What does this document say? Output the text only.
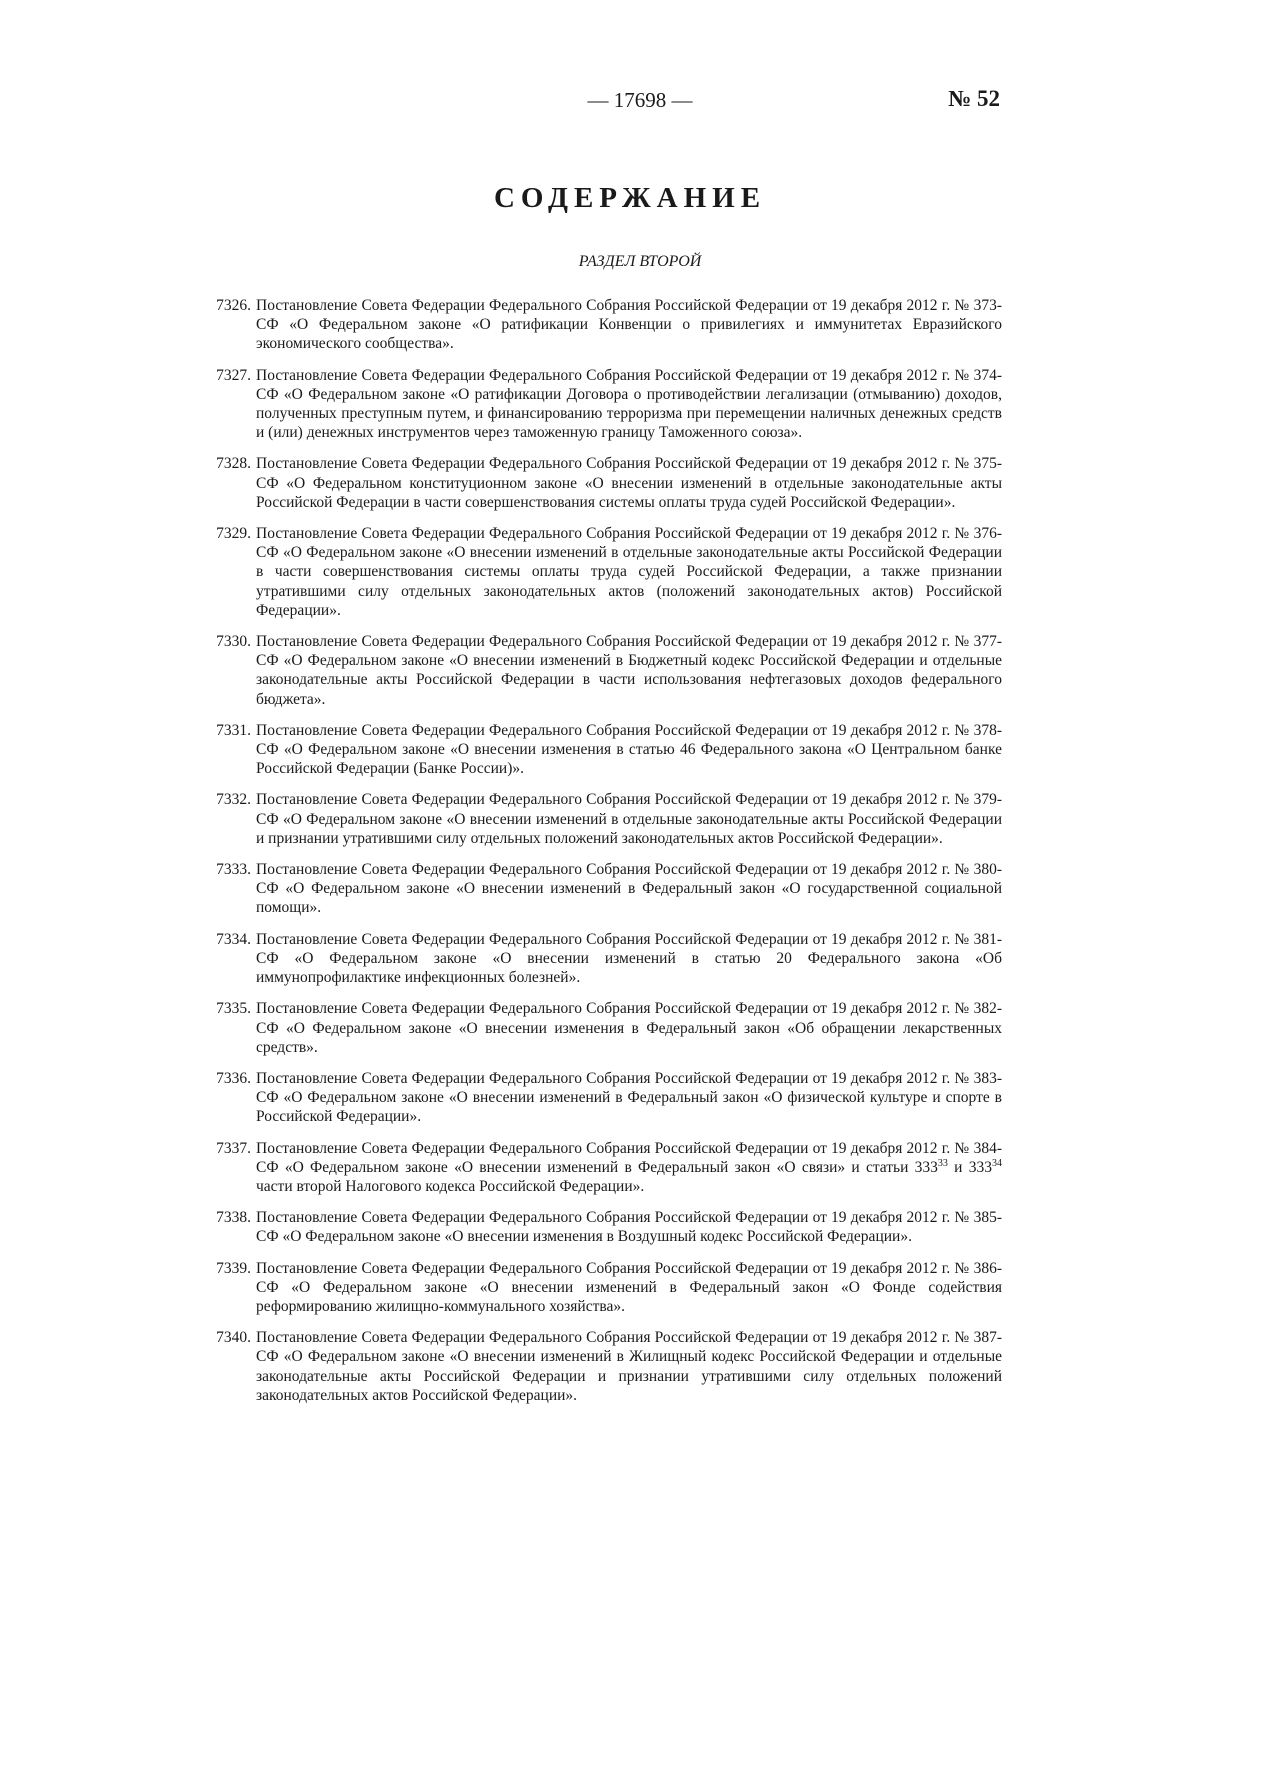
— 17698 —	№ 52
СОДЕРЖАНИЕ
РАЗДЕЛ ВТОРОЙ
7326. Постановление Совета Федерации Федерального Собрания Российской Федерации от 19 декабря 2012 г. № 373-СФ «О Федеральном законе «О ратификации Конвенции о привилегиях и иммунитетах Евразийского экономического сообщества».
7327. Постановление Совета Федерации Федерального Собрания Российской Федерации от 19 декабря 2012 г. № 374-СФ «О Федеральном законе «О ратификации Договора о противодействии легализации (отмыванию) доходов, полученных преступным путем, и финансированию терроризма при перемещении наличных денежных средств и (или) денежных инструментов через таможенную границу Таможенного союза».
7328. Постановление Совета Федерации Федерального Собрания Российской Федерации от 19 декабря 2012 г. № 375-СФ «О Федеральном конституционном законе «О внесении изменений в отдельные законодательные акты Российской Федерации в части совершенствования системы оплаты труда судей Российской Федерации».
7329. Постановление Совета Федерации Федерального Собрания Российской Федерации от 19 декабря 2012 г. № 376-СФ «О Федеральном законе «О внесении изменений в отдельные законодательные акты Российской Федерации в части совершенствования системы оплаты труда судей Российской Федерации, а также признании утратившими силу отдельных законодательных актов (положений законодательных актов) Российской Федерации».
7330. Постановление Совета Федерации Федерального Собрания Российской Федерации от 19 декабря 2012 г. № 377-СФ «О Федеральном законе «О внесении изменений в Бюджетный кодекс Российской Федерации и отдельные законодательные акты Российской Федерации в части использования нефтегазовых доходов федерального бюджета».
7331. Постановление Совета Федерации Федерального Собрания Российской Федерации от 19 декабря 2012 г. № 378-СФ «О Федеральном законе «О внесении изменения в статью 46 Федерального закона «О Центральном банке Российской Федерации (Банке России)».
7332. Постановление Совета Федерации Федерального Собрания Российской Федерации от 19 декабря 2012 г. № 379-СФ «О Федеральном законе «О внесении изменений в отдельные законодательные акты Российской Федерации и признании утратившими силу отдельных положений законодательных актов Российской Федерации».
7333. Постановление Совета Федерации Федерального Собрания Российской Федерации от 19 декабря 2012 г. № 380-СФ «О Федеральном законе «О внесении изменений в Федеральный закон «О государственной социальной помощи».
7334. Постановление Совета Федерации Федерального Собрания Российской Федерации от 19 декабря 2012 г. № 381-СФ «О Федеральном законе «О внесении изменений в статью 20 Федерального закона «Об иммунопрофилактике инфекционных болезней».
7335. Постановление Совета Федерации Федерального Собрания Российской Федерации от 19 декабря 2012 г. № 382-СФ «О Федеральном законе «О внесении изменения в Федеральный закон «Об обращении лекарственных средств».
7336. Постановление Совета Федерации Федерального Собрания Российской Федерации от 19 декабря 2012 г. № 383-СФ «О Федеральном законе «О внесении изменений в Федеральный закон «О физической культуре и спорте в Российской Федерации».
7337. Постановление Совета Федерации Федерального Собрания Российской Федерации от 19 декабря 2012 г. № 384-СФ «О Федеральном законе «О внесении изменений в Федеральный закон «О связи» и статьи $333^{33}$ и $333^{34}$ части второй Налогового кодекса Российской Федерации».
7338. Постановление Совета Федерации Федерального Собрания Российской Федерации от 19 декабря 2012 г. № 385-СФ «О Федеральном законе «О внесении изменения в Воздушный кодекс Российской Федерации».
7339. Постановление Совета Федерации Федерального Собрания Российской Федерации от 19 декабря 2012 г. № 386-СФ «О Федеральном законе «О внесении изменений в Федеральный закон «О Фонде содействия реформированию жилищно-коммунального хозяйства».
7340. Постановление Совета Федерации Федерального Собрания Российской Федерации от 19 декабря 2012 г. № 387-СФ «О Федеральном законе «О внесении изменений в Жилищный кодекс Российской Федерации и отдельные законодательные акты Российской Федерации и признании утратившими силу отдельных положений законодательных актов Российской Федерации».
